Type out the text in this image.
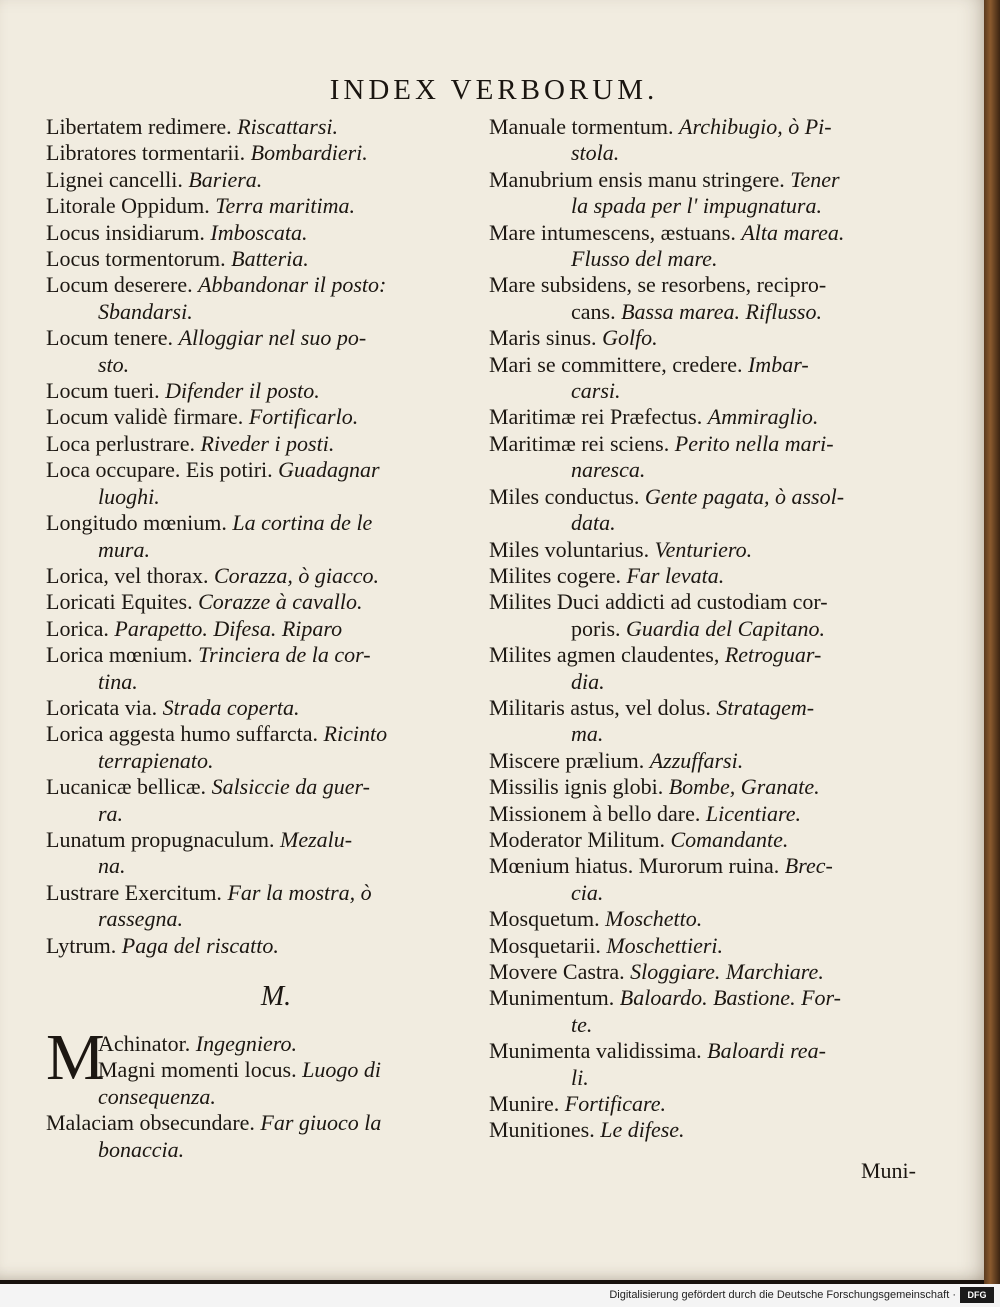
INDEX VERBORUM.
Libertatem redimere. Riscattarsi.
Libratores tormentarii. Bombardieri.
Lignei cancelli. Bariera.
Litorale Oppidum. Terra maritima.
Locus insidiarum. Imboscata.
Locus tormentorum. Batteria.
Locum deserere. Abbandonar il posto:
Sbandarsi.
Locum tenere. Alloggiar nel suo po-
sto.
Locum tueri. Difender il posto.
Locum validè firmare. Fortificarlo.
Loca perlustrare. Riveder i posti.
Loca occupare. Eis potiri. Guadagnar
luoghi.
Longitudo mœnium. La cortina de le
mura.
Lorica, vel thorax. Corazza, ò giacco.
Loricati Equites. Corazze à cavallo.
Lorica. Parapetto. Difesa. Riparo
Lorica mœnium. Trinciera de la cor-
tina.
Loricata via. Strada coperta.
Lorica aggesta humo suffarcta. Ricinto
terrapienato.
Lucanicæ bellicæ. Salsiccie da guer-
ra.
Lunatum propugnaculum. Mezalu-
na.
Lustrare Exercitum. Far la mostra, ò
rassegna.
Lytrum. Paga del riscatto.
M.
M
Achinator. Ingegniero.
Magni momenti locus. Luogo di
consequenza.
Malaciam obsecundare. Far giuoco la
bonaccia.
Manuale tormentum. Archibugio, ò Pi-
stola.
Manubrium ensis manu stringere. Tener
la spada per l' impugnatura.
Mare intumescens, æstuans. Alta marea.
Flusso del mare.
Mare subsidens, se resorbens, recipro-
cans. Bassa marea. Riflusso.
Maris sinus. Golfo.
Mari se committere, credere. Imbar-
carsi.
Maritimæ rei Præfectus. Ammiraglio.
Maritimæ rei sciens. Perito nella mari-
naresca.
Miles conductus. Gente pagata, ò assol-
data.
Miles voluntarius. Venturiero.
Milites cogere. Far levata.
Milites Duci addicti ad custodiam cor-
poris. Guardia del Capitano.
Milites agmen claudentes, Retroguar-
dia.
Militaris astus, vel dolus. Stratagem-
ma.
Miscere prælium. Azzuffarsi.
Missilis ignis globi. Bombe, Granate.
Missionem à bello dare. Licentiare.
Moderator Militum. Comandante.
Mœnium hiatus. Murorum ruina. Brec-
cia.
Mosquetum. Moschetto.
Mosquetarii. Moschettieri.
Movere Castra. Sloggiare. Marchiare.
Munimentum. Baloardo. Bastione. For-
te.
Munimenta validissima. Baloardi rea-
li.
Munire. Fortificare.
Munitiones. Le difese.
Muni-
Digitalisierung gefördert durch die Deutsche Forschungsgemeinschaft ·	DFG
